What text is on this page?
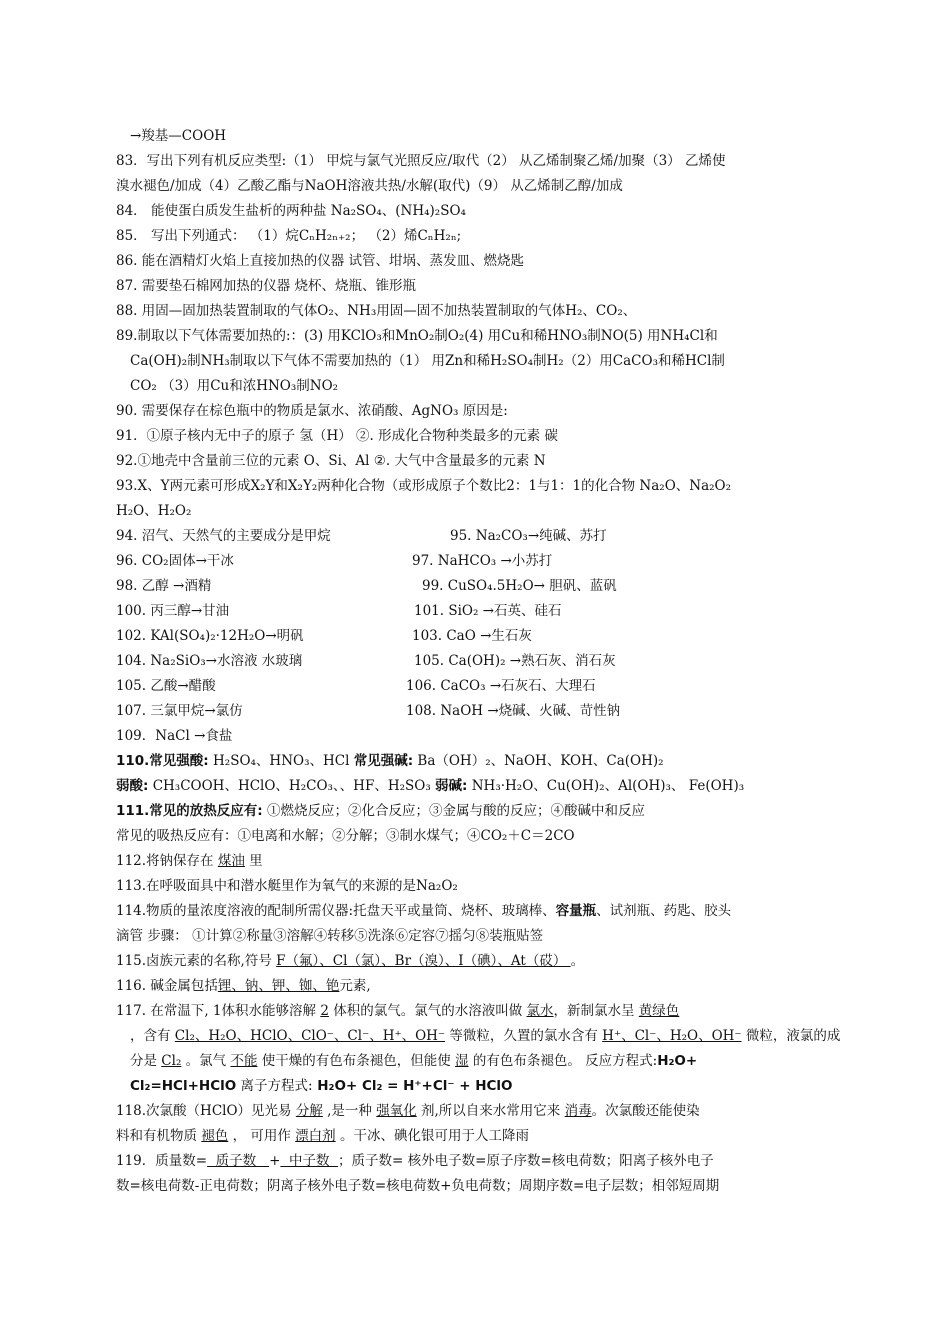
→羧基—COOH
83．写出下列有机反应类型:（1） 甲烷与氯气光照反应/取代（2） 从乙烯制聚乙烯/加聚（3） 乙烯使
溴水褪色/加成（4）乙酸乙酯与NaOH溶液共热/水解(取代)（9） 从乙烯制乙醇/加成
84． 能使蛋白质发生盐析的两种盐 Na₂SO₄、(NH₄)₂SO₄
85． 写出下列通式： （1）烷CₙH₂ₙ₊₂； （2）烯CₙH₂ₙ;
86. 能在酒精灯火焰上直接加热的仪器 试管、坩埚、蒸发皿、燃烧匙
87. 需要垫石棉网加热的仪器 烧杯、烧瓶、锥形瓶
88. 用固—固加热装置制取的气体O₂、NH₃用固—固不加热装置制取的气体H₂、CO₂、
89.制取以下气体需要加热的:：(3) 用KClO₃和MnO₂制O₂(4) 用Cu和稀HNO₃制NO(5) 用NH₄Cl和
Ca(OH)₂制NH₃制取以下气体不需要加热的（1） 用Zn和稀H₂SO₄制H₂（2）用CaCO₃和稀HCl制
CO₂ （3）用Cu和浓HNO₃制NO₂
90. 需要保存在棕色瓶中的物质是氯水、浓硝酸、AgNO₃ 原因是:
91．①原子核内无中子的原子 氢（H） ②. 形成化合物种类最多的元素 碳
92.①地壳中含量前三位的元素 O、Si、Al ②. 大气中含量最多的元素 N
93.X、Y两元素可形成X₂Y和X₂Y₂两种化合物（或形成原子个数比2：1与1：1的化合物 Na₂O、Na₂O₂
H₂O、H₂O₂
94. 沼气、天然气的主要成分是甲烷	95. Na₂CO₃→纯碱、苏打
96. CO₂固体→干冰	97. NaHCO₃ →小苏打
98. 乙醇 →酒精	99. CuSO₄.5H₂O→ 胆矾、蓝矾
100. 丙三醇→甘油	101. SiO₂ →石英、硅石
102. KAl(SO₄)₂·12H₂O→明矾	103. CaO →生石灰
104. Na₂SiO₃→水溶液 水玻璃	105. Ca(OH)₂ →熟石灰、消石灰
105. 乙酸→醋酸	106. CaCO₃ →石灰石、大理石
107. 三氯甲烷→氯仿	108. NaOH →烧碱、火碱、苛性钠
109．NaCl →食盐
110.常见强酸: H₂SO₄、HNO₃、HCl 常见强碱: Ba（OH）₂、NaOH、KOH、Ca(OH)₂
弱酸: CH₃COOH、HClO、H₂CO₃、、HF、H₂SO₃ 弱碱: NH₃·H₂O、Cu(OH)₂、Al(OH)₃、 Fe(OH)₃
111.常见的放热反应有: ①燃烧反应；②化合反应；③金属与酸的反应；④酸碱中和反应
常见的吸热反应有：①电离和水解；②分解；③制水煤气；④CO₂＋C＝2CO
112.将钠保存在 煤油 里
113.在呼吸面具中和潜水艇里作为氧气的来源的是Na₂O₂
114.物质的量浓度溶液的配制所需仪器:托盘天平或量筒、烧杯、玻璃棒、容量瓶、试剂瓶、药匙、胶头
滴管 步骤： ①计算②称量③溶解④转移⑤洗涤⑥定容⑦摇匀⑧装瓶贴签
115.卤族元素的名称,符号 F（氟）、Cl（氯）、Br（溴）、I（碘）、At（砹） 。
116. 碱金属包括锂、钠、钾、铷、铯元素,
117. 在常温下, 1体积水能够溶解 2 体积的氯气。氯气的水溶液叫做 氯水，新制氯水呈 黄绿色
，含有 Cl₂、H₂O、HClO、ClO⁻、Cl⁻、H⁺、OH⁻ 等微粒，久置的氯水含有 H⁺、Cl⁻、H₂O、OH⁻ 微粒，液氯的成
分是 Cl₂ 。氯气 不能 使干燥的有色布条褪色，但能使 湿 的有色布条褪色。 反应方程式:H₂O+
Cl₂=HCl+HClO 离子方程式: H₂O+ Cl₂ = H⁺+Cl⁻ + HClO
118.次氯酸（HClO）见光易 分解 ,是一种 强氧化 剂,所以自来水常用它来 消毒。次氯酸还能使染
料和有机物质 褪色 ， 可用作 漂白剂 。干冰、碘化银可用于人工降雨
119．质量数=  质子数   +  中子数  ；质子数= 核外电子数=原子序数=核电荷数；阳离子核外电子
数=核电荷数-正电荷数；阴离子核外电子数=核电荷数+负电荷数；周期序数=电子层数；相邻短周期
